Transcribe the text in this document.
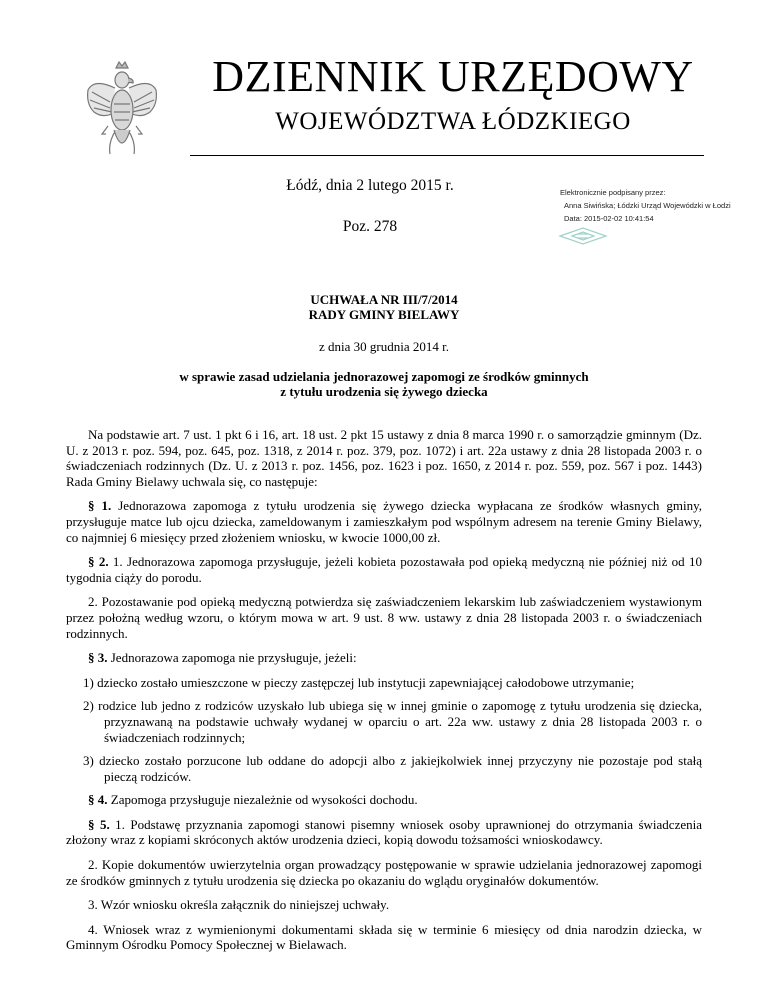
DZIENNIK URZĘDOWY
WOJEWÓDZTWA ŁÓDZKIEGO
Łódź, dnia 2 lutego 2015 r.
Poz. 278
Elektronicznie podpisany przez:
Anna Siwińska; Łódzki Urząd Wojewódzki w Łodzi
Data: 2015-02-02 10:41:54
UCHWAŁA NR III/7/2014
RADY GMINY BIELAWY
z dnia 30 grudnia 2014 r.
w sprawie zasad udzielania jednorazowej zapomogi ze środków gminnych
z tytułu urodzenia się żywego dziecka

Na podstawie art. 7 ust. 1 pkt 6 i 16, art. 18 ust. 2 pkt 15 ustawy z dnia 8 marca 1990 r. o samorządzie gminnym (Dz. U. z 2013 r. poz. 594, poz. 645, poz. 1318, z 2014 r. poz. 379, poz. 1072) i art. 22a ustawy z dnia 28 listopada 2003 r. o świadczeniach rodzinnych (Dz. U. z 2013 r. poz. 1456, poz. 1623 i poz. 1650, z 2014 r. poz. 559, poz. 567 i poz. 1443) Rada Gminy Bielawy uchwala się, co następuje:

§ 1. Jednorazowa zapomoga z tytułu urodzenia się żywego dziecka wypłacana ze środków własnych gminy, przysługuje matce lub ojcu dziecka, zameldowanym i zamieszkałym pod wspólnym adresem na terenie Gminy Bielawy, co najmniej 6 miesięcy przed złożeniem wniosku, w kwocie 1000,00 zł.

§ 2. 1. Jednorazowa zapomoga przysługuje, jeżeli kobieta pozostawała pod opieką medyczną nie później niż od 10 tygodnia ciąży do porodu.

2. Pozostawanie pod opieką medyczną potwierdza się zaświadczeniem lekarskim lub zaświadczeniem wystawionym przez położną według wzoru, o którym mowa w art. 9 ust. 8 ww. ustawy z dnia 28 listopada 2003 r. o świadczeniach rodzinnych.

§ 3. Jednorazowa zapomoga nie przysługuje, jeżeli:

1) dziecko zostało umieszczone w pieczy zastępczej lub instytucji zapewniającej całodobowe utrzymanie;
2) rodzice lub jedno z rodziców uzyskało lub ubiega się w innej gminie o zapomogę z tytułu urodzenia się dziecka, przyznawaną na podstawie uchwały wydanej w oparciu o art. 22a ww. ustawy z dnia 28 listopada 2003 r. o świadczeniach rodzinnych;
3) dziecko zostało porzucone lub oddane do adopcji albo z jakiejkolwiek innej przyczyny nie pozostaje pod stałą pieczą rodziców.

§ 4. Zapomoga przysługuje niezależnie od wysokości dochodu.

§ 5. 1. Podstawę przyznania zapomogi stanowi pisemny wniosek osoby uprawnionej do otrzymania świadczenia złożony wraz z kopiami skróconych aktów urodzenia dzieci, kopią dowodu tożsamości wnioskodawcy.

2. Kopie dokumentów uwierzytelnia organ prowadzący postępowanie w sprawie udzielania jednorazowej zapomogi ze środków gminnych z tytułu urodzenia się dziecka po okazaniu do wglądu oryginałów dokumentów.

3. Wzór wniosku określa załącznik do niniejszej uchwały.

4. Wniosek wraz z wymienionymi dokumentami składa się w terminie 6 miesięcy od dnia narodzin dziecka, w Gminnym Ośrodku Pomocy Społecznej w Bielawach.
